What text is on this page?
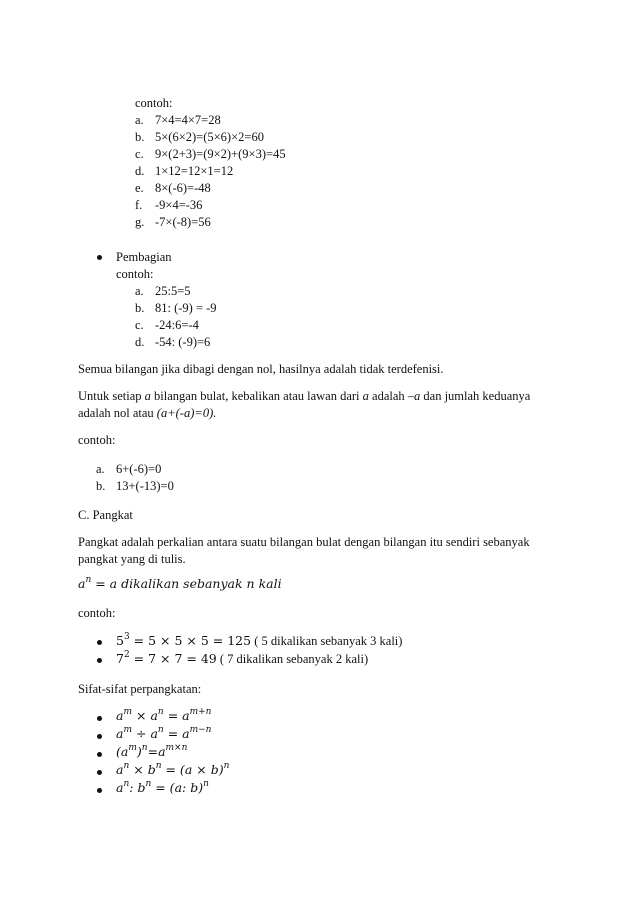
contoh:
a. 7×4=4×7=28
b. 5×(6×2)=(5×6)×2=60
c. 9×(2+3)=(9×2)+(9×3)=45
d. 1×12=12×1=12
e. 8×(-6)=-48
f. -9×4=-36
g. -7×(-8)=56
Pembagian
contoh:
a. 25:5=5
b. 81: (-9) = -9
c. -24:6=-4
d. -54: (-9)=6
Semua bilangan jika dibagi dengan nol, hasilnya adalah tidak terdefenisi.
Untuk setiap a bilangan bulat, kebalikan atau lawan dari a adalah –a dan jumlah keduanya
adalah nol atau (a+(-a)=0).
contoh:
a. 6+(-6)=0
b. 13+(-13)=0
C. Pangkat
Pangkat adalah perkalian antara suatu bilangan bulat dengan bilangan itu sendiri sebanyak
pangkat yang di tulis.
$a^n = a$ dikalikan sebanyak n kali
contoh:
$5^3 = 5 \times 5 \times 5 = 125$ ( 5 dikalikan sebanyak 3 kali)
$7^2 = 7 \times 7 = 49$ ( 7 dikalikan sebanyak 2 kali)
Sifat-sifat perpangkatan:
$a^m \times a^n = a^{m+n}$
$a^m \div a^n = a^{m-n}$
$(a^m)^n=a^{m\times n}$
$a^n \times b^n = (a \times b)^n$
$a^n$: $b^n = (a$: b)$^n$
